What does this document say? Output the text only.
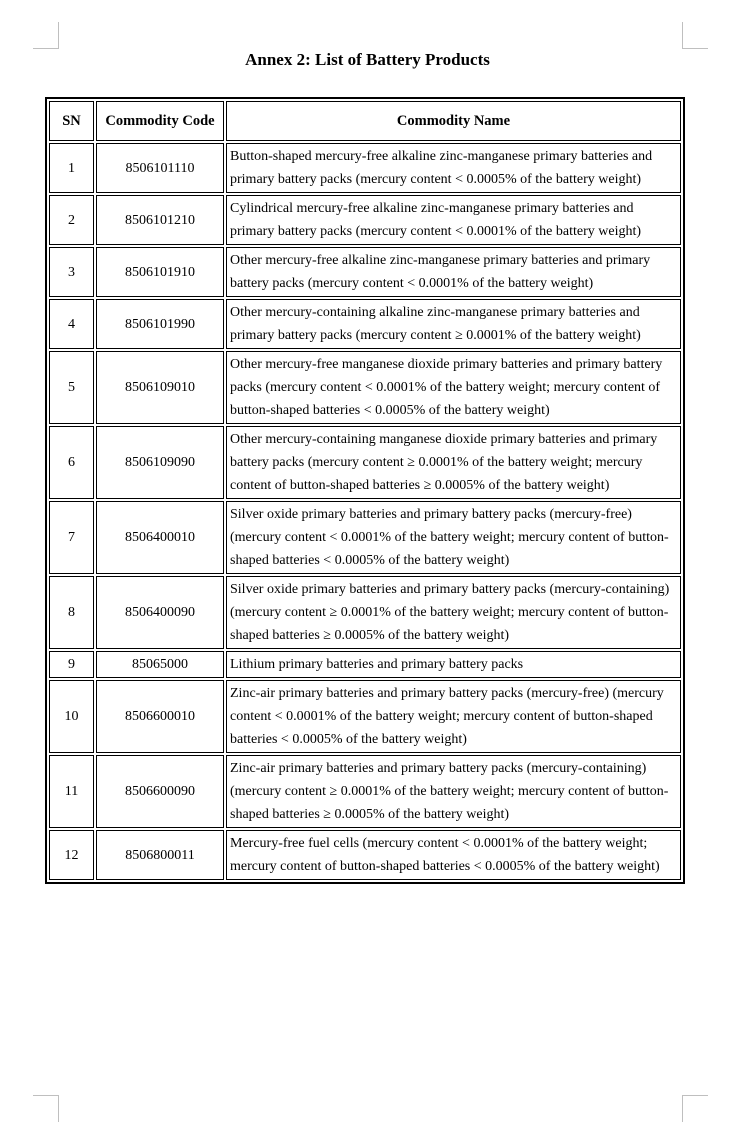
Annex 2: List of Battery Products
SN	Commodity Code	Commodity Name
1	8506101110	Button-shaped mercury-free alkaline zinc-manganese primary batteries and primary battery packs (mercury content < 0.0005% of the battery weight)
2	8506101210	Cylindrical mercury-free alkaline zinc-manganese primary batteries and primary battery packs (mercury content < 0.0001% of the battery weight)
3	8506101910	Other mercury-free alkaline zinc-manganese primary batteries and primary battery packs (mercury content < 0.0001% of the battery weight)
4	8506101990	Other mercury-containing alkaline zinc-manganese primary batteries and primary battery packs (mercury content ≥ 0.0001% of the battery weight)
5	8506109010	Other mercury-free manganese dioxide primary batteries and primary battery packs (mercury content < 0.0001% of the battery weight; mercury content of button-shaped batteries < 0.0005% of the battery weight)
6	8506109090	Other mercury-containing manganese dioxide primary batteries and primary battery packs (mercury content ≥ 0.0001% of the battery weight; mercury content of button-shaped batteries ≥ 0.0005% of the battery weight)
7	8506400010	Silver oxide primary batteries and primary battery packs (mercury-free) (mercury content < 0.0001% of the battery weight; mercury content of button-shaped batteries < 0.0005% of the battery weight)
8	8506400090	Silver oxide primary batteries and primary battery packs (mercury-containing) (mercury content ≥ 0.0001% of the battery weight; mercury content of button-shaped batteries ≥ 0.0005% of the battery weight)
9	85065000	Lithium primary batteries and primary battery packs
10	8506600010	Zinc-air primary batteries and primary battery packs (mercury-free) (mercury content < 0.0001% of the battery weight; mercury content of button-shaped batteries < 0.0005% of the battery weight)
11	8506600090	Zinc-air primary batteries and primary battery packs (mercury-containing) (mercury content ≥ 0.0001% of the battery weight; mercury content of button-shaped batteries ≥ 0.0005% of the battery weight)
12	8506800011	Mercury-free fuel cells (mercury content < 0.0001% of the battery weight; mercury content of button-shaped batteries < 0.0005% of the battery weight)
